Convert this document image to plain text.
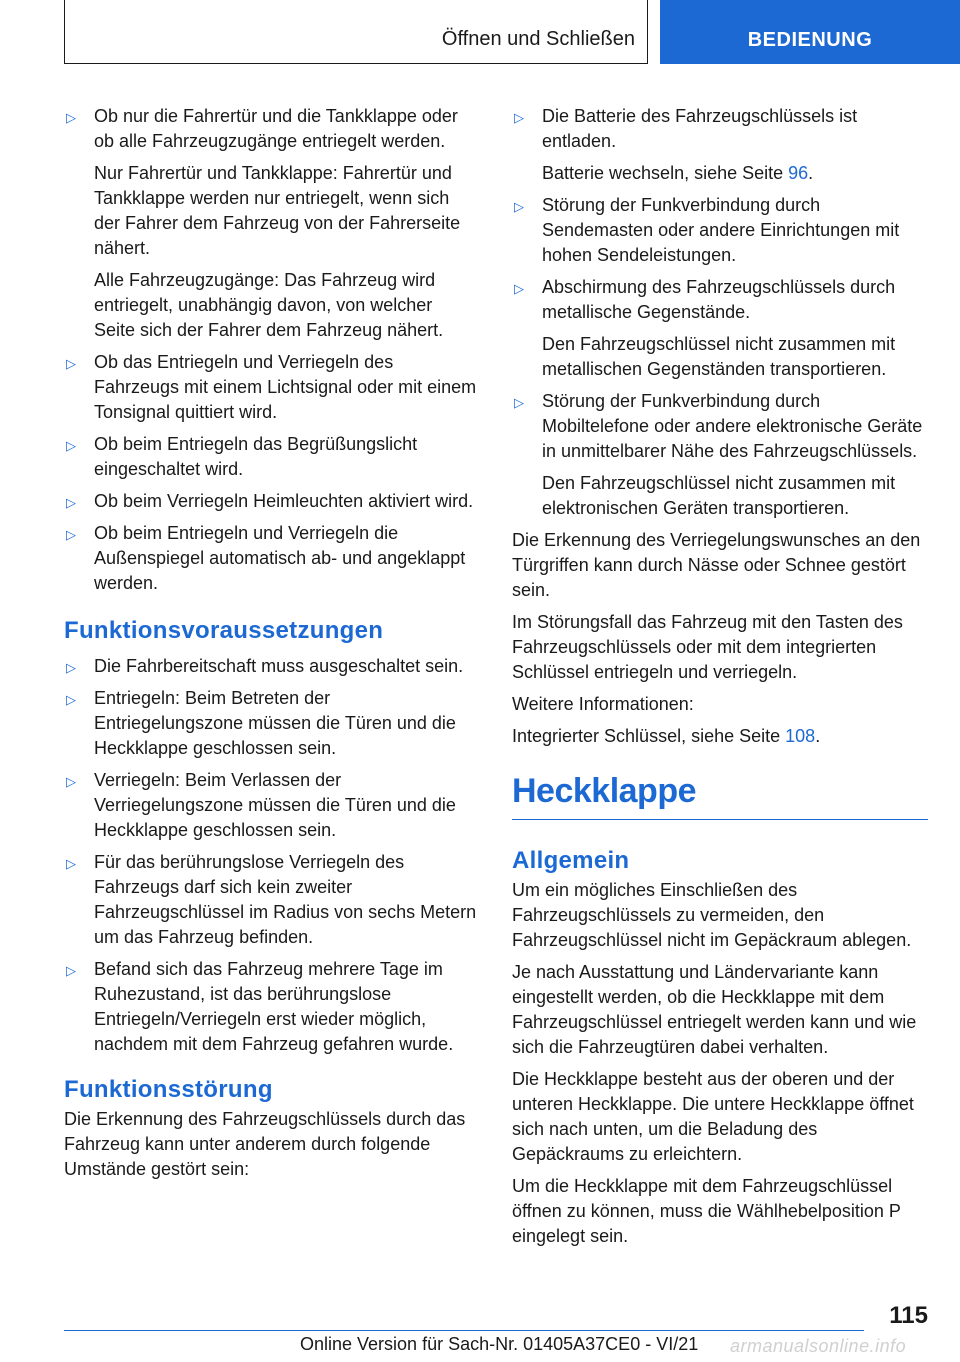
Öffnen und Schließen	BEDIENUNG
▷ Ob nur die Fahrertür und die Tankklappe oder ob alle Fahrzeugzugänge entriegelt werden.

Nur Fahrertür und Tankklappe: Fahrertür und Tankklappe werden nur entriegelt, wenn sich der Fahrer dem Fahrzeug von der Fahrerseite nähert.

Alle Fahrzeugzugänge: Das Fahrzeug wird entriegelt, unabhängig davon, von welcher Seite sich der Fahrer dem Fahrzeug nähert.

▷ Ob das Entriegeln und Verriegeln des Fahrzeugs mit einem Lichtsignal oder mit einem Tonsignal quittiert wird.

▷ Ob beim Entriegeln das Begrüßungslicht eingeschaltet wird.

▷ Ob beim Verriegeln Heimleuchten aktiviert wird.

▷ Ob beim Entriegeln und Verriegeln die Außenspiegel automatisch ab- und angeklappt werden.

Funktionsvoraussetzungen
▷ Die Fahrbereitschaft muss ausgeschaltet sein.

▷ Entriegeln: Beim Betreten der Entriegelungszone müssen die Türen und die Heckklappe geschlossen sein.

▷ Verriegeln: Beim Verlassen der Verriegelungszone müssen die Türen und die Heckklappe geschlossen sein.

▷ Für das berührungslose Verriegeln des Fahrzeugs darf sich kein zweiter Fahrzeugschlüssel im Radius von sechs Metern um das Fahrzeug befinden.

▷ Befand sich das Fahrzeug mehrere Tage im Ruhezustand, ist das berührungslose Entriegeln/Verriegeln erst wieder möglich, nachdem mit dem Fahrzeug gefahren wurde.

Funktionsstörung

Die Erkennung des Fahrzeugschlüssels durch das Fahrzeug kann unter anderem durch folgende Umstände gestört sein:

▷ Die Batterie des Fahrzeugschlüssels ist entladen.

Batterie wechseln, siehe Seite 96.

▷ Störung der Funkverbindung durch Sendemasten oder andere Einrichtungen mit hohen Sendeleistungen.

▷ Abschirmung des Fahrzeugschlüssels durch metallische Gegenstände.

Den Fahrzeugschlüssel nicht zusammen mit metallischen Gegenständen transportieren.

▷ Störung der Funkverbindung durch Mobiltelefone oder andere elektronische Geräte in unmittelbarer Nähe des Fahrzeugschlüssels.

Den Fahrzeugschlüssel nicht zusammen mit elektronischen Geräten transportieren.

Die Erkennung des Verriegelungswunsches an den Türgriffen kann durch Nässe oder Schnee gestört sein.

Im Störungsfall das Fahrzeug mit den Tasten des Fahrzeugschlüssels oder mit dem integrierten Schlüssel entriegeln und verriegeln.

Weitere Informationen:

Integrierter Schlüssel, siehe Seite 108.

Heckklappe
Allgemein

Um ein mögliches Einschließen des Fahrzeugschlüssels zu vermeiden, den Fahrzeugschlüssel nicht im Gepäckraum ablegen.

Je nach Ausstattung und Ländervariante kann eingestellt werden, ob die Heckklappe mit dem Fahrzeugschlüssel entriegelt werden kann und wie sich die Fahrzeugtüren dabei verhalten.

Die Heckklappe besteht aus der oberen und der unteren Heckklappe. Die untere Heckklappe öffnet sich nach unten, um die Beladung des Gepäckraums zu erleichtern.

Um die Heckklappe mit dem Fahrzeugschlüssel öffnen zu können, muss die Wählhebelposition P eingelegt sein.

115
Online Version für Sach-Nr. 01405A37CE0 - VI/21 armanualsonline.info
